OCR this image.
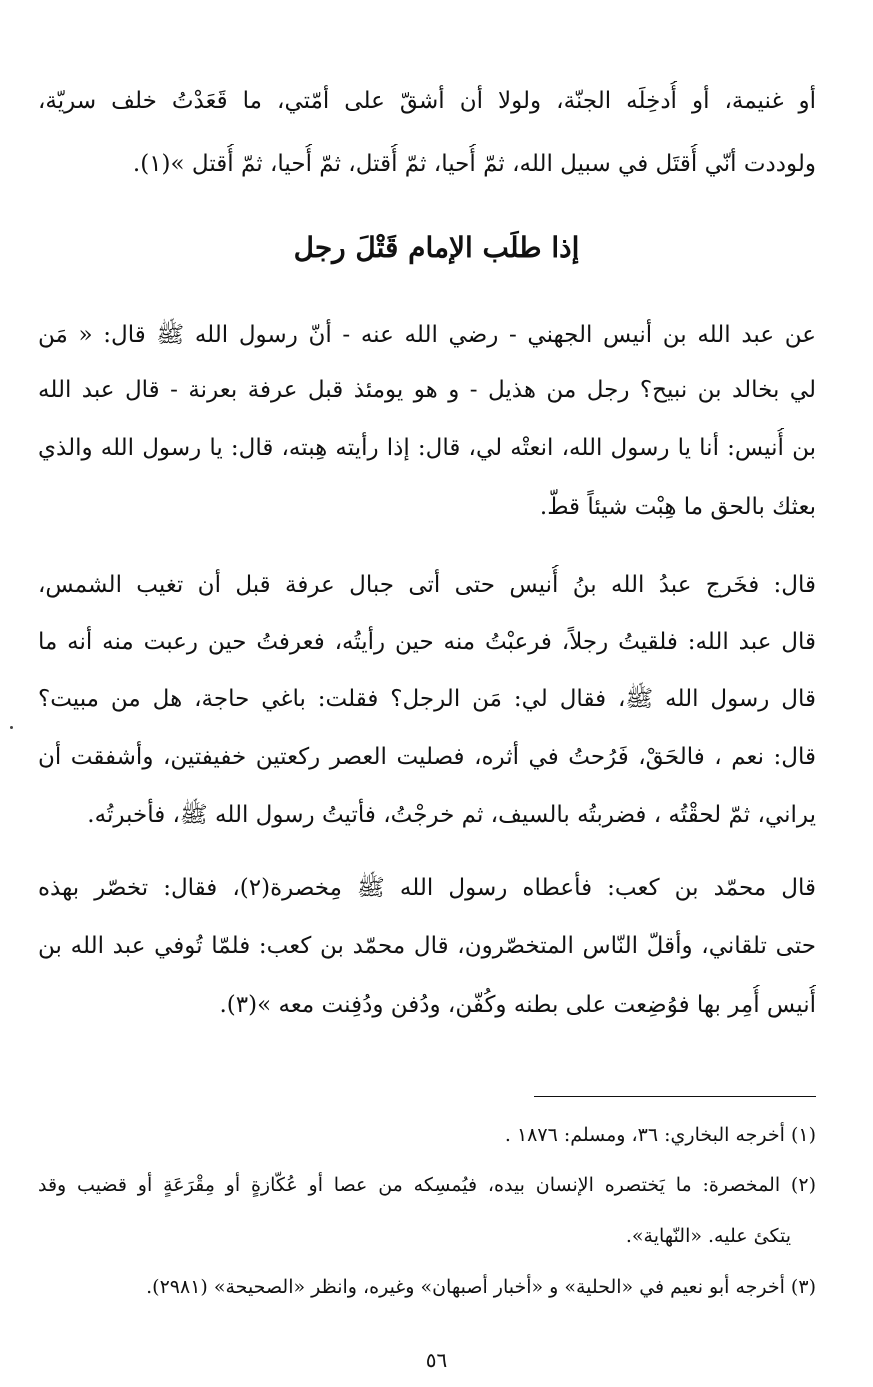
أو غنيمة، أو أُدخِلَه الجنّة، ولولا أن أشقّ على أمّتي، ما قَعَدْتُ خلف سريّة،
ولوددت أنّي أُقتَل في سبيل الله، ثمّ أُحيا، ثمّ أُقتل، ثمّ أُحيا، ثمّ أُقتل »(١).
إذا طلَب الإمام قَتْلَ رجل
عن عبد الله بن أنيس الجهني - رضي الله عنه - أنّ رسول الله ﷺ قال: « مَن
لي بخالد بن نبيح؟ رجل من هذيل - و هو يومئذ قبل عرفة بعرنة - قال عبد الله
بن أُنيس: أنا يا رسول الله، انعتْه لي، قال: إذا رأيته هِبته، قال: يا رسول الله والذي
بعثك بالحق ما هِبْت شيئاً قطّ.
قال: فخَرج عبدُ الله بنُ أُنيس حتى أتى جبال عرفة قبل أن تغيب الشمس،
قال عبد الله: فلقيتُ رجلاً، فرعبْتُ منه حين رأيتُه، فعرفتُ حين رعبت منه أنه ما
قال رسول الله ﷺ، فقال لي: مَن الرجل؟ فقلت: باغي حاجة، هل من مبيت؟
قال: نعم ، فالحَقْ، فَرُحتُ في أثره، فصليت العصر ركعتين خفيفتين، وأشفقت أن
يراني، ثمّ لحقْتُه ، فضربتُه بالسيف، ثم خرجْتُ، فأتيتُ رسول الله ﷺ، فأخبرتُه.
قال محمّد بن كعب: فأعطاه رسول الله ﷺ مِخصرة(٢)، فقال: تخصّر بهذه
حتى تلقاني، وأقلّ النّاس المتخصّرون، قال محمّد بن كعب: فلمّا تُوفي عبد الله بن
أُنيس أُمِر بها فوُضِعت على بطنه وكُفّن، ودُفن ودُفِنت معه »(٣).
(١) أخرجه البخاري: ٣٦، ومسلم: ١٨٧٦ .
(٢) المخصرة: ما يَختصره الإنسان بيده، فيُمسِكه من عصا أو عُكّازةٍ أو مِقْرَعَةٍ أو قضيب وقد
يتكئ عليه. «النّهاية».
(٣) أخرجه أبو نعيم في «الحلية» و «أخبار أصبهان» وغيره، وانظر «الصحيحة» (٢٩٨١).
٥٦
